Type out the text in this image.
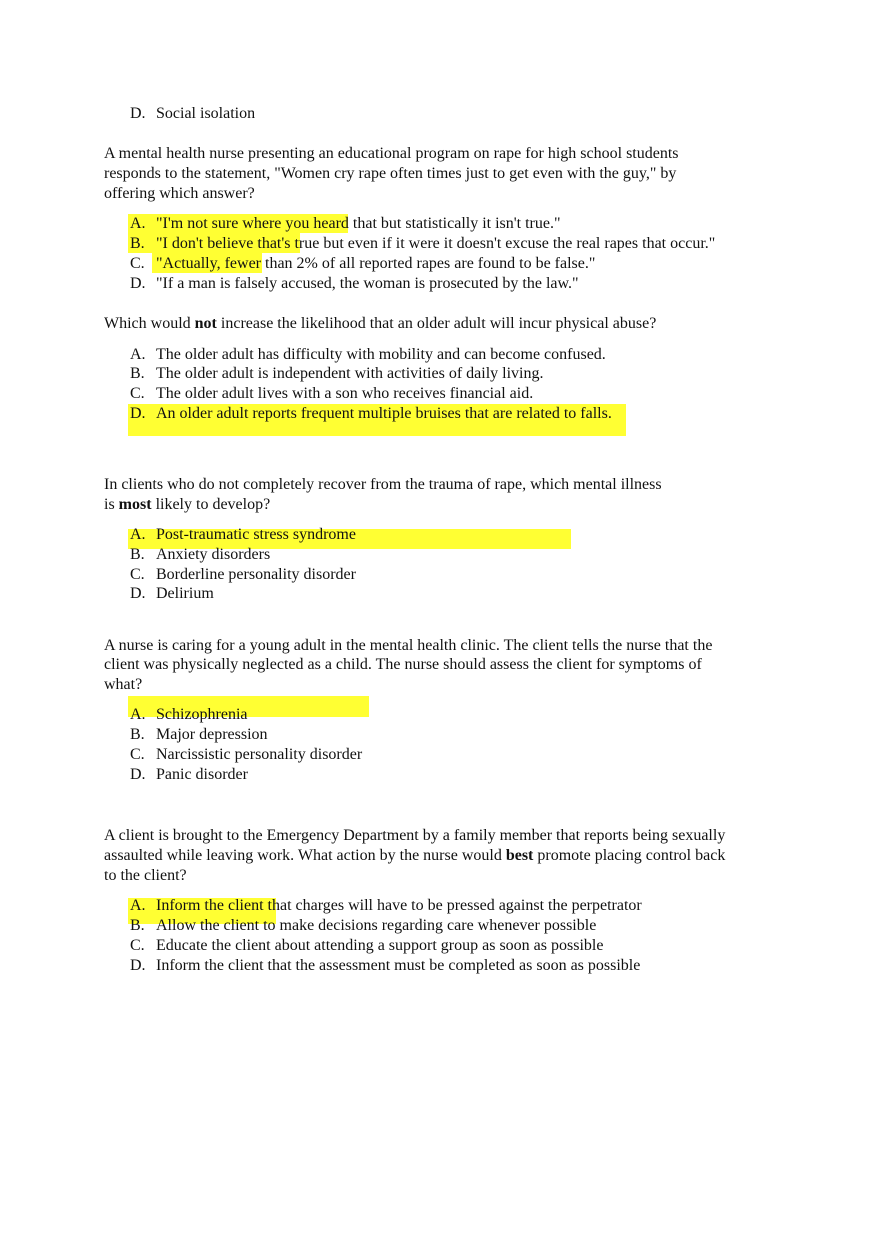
D. Social isolation
A mental health nurse presenting an educational program on rape for high school students
responds to the statement, "Women cry rape often times just to get even with the guy," by
offering which answer?
A. "I'm not sure where you heard that but statistically it isn't true."
B. "I don't believe that's true but even if it were it doesn't excuse the real rapes that occur."
C. "Actually, fewer than 2% of all reported rapes are found to be false."
D. "If a man is falsely accused, the woman is prosecuted by the law."
Which would not increase the likelihood that an older adult will incur physical abuse?
A. The older adult has difficulty with mobility and can become confused.
B. The older adult is independent with activities of daily living.
C. The older adult lives with a son who receives financial aid.
D. An older adult reports frequent multiple bruises that are related to falls.
In clients who do not completely recover from the trauma of rape, which mental illness
is most likely to develop?
A. Post-traumatic stress syndrome
B. Anxiety disorders
C. Borderline personality disorder
D. Delirium
A nurse is caring for a young adult in the mental health clinic. The client tells the nurse that the
client was physically neglected as a child. The nurse should assess the client for symptoms of
what?
A. Schizophrenia
B. Major depression
C. Narcissistic personality disorder
D. Panic disorder
A client is brought to the Emergency Department by a family member that reports being sexually
assaulted while leaving work. What action by the nurse would best promote placing control back
to the client?
A. Inform the client that charges will have to be pressed against the perpetrator
B. Allow the client to make decisions regarding care whenever possible
C. Educate the client about attending a support group as soon as possible
D. Inform the client that the assessment must be completed as soon as possible
